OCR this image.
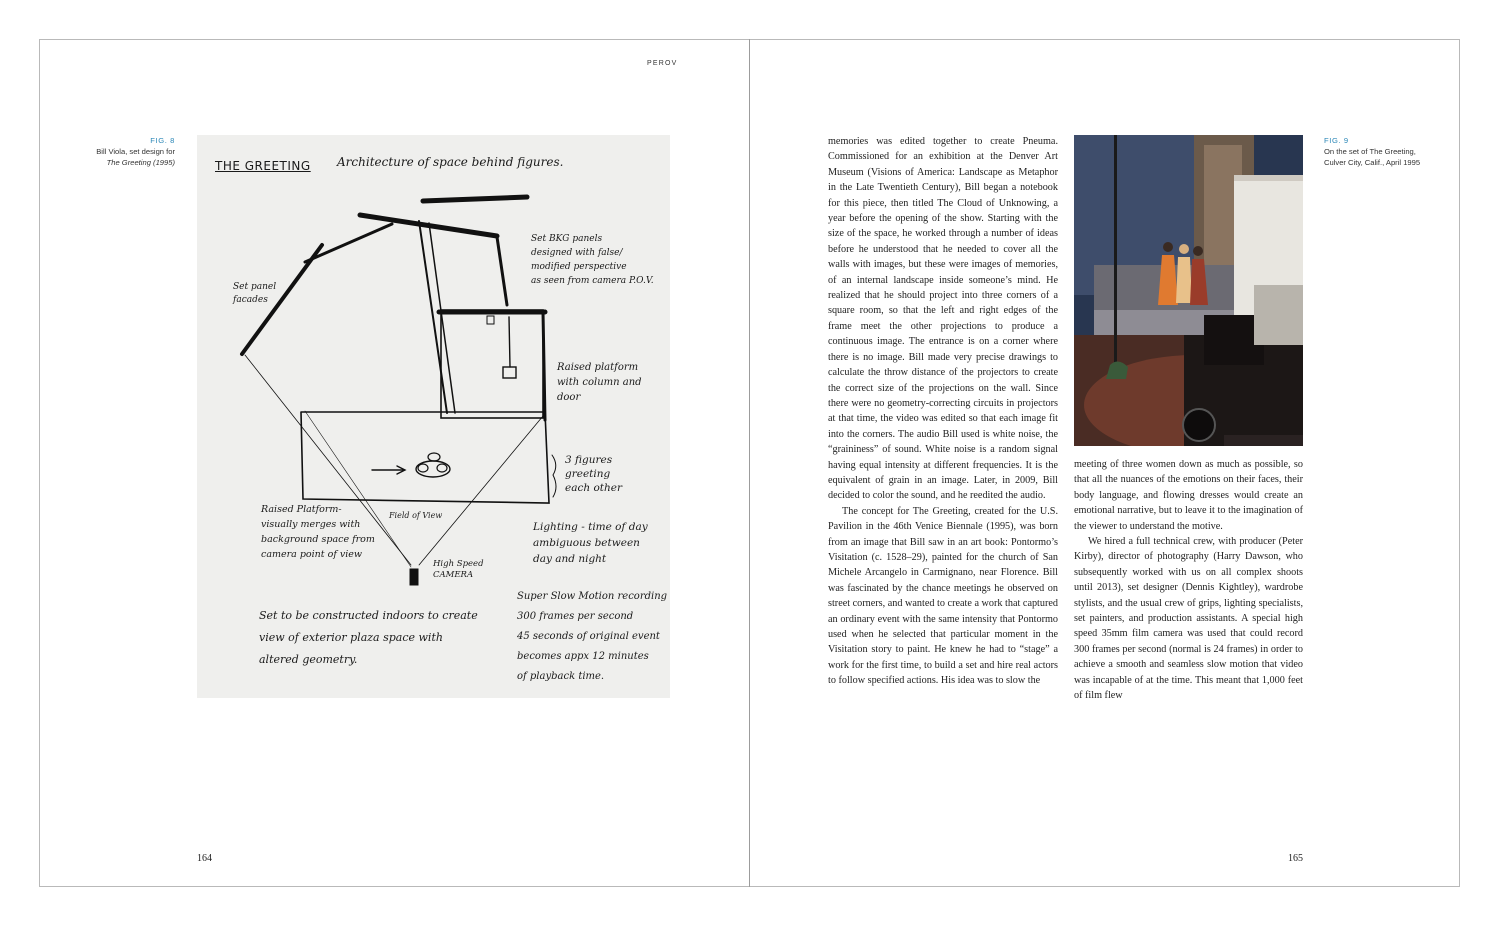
PEROV
FIG. 8
Bill Viola, set design for
The Greeting (1995)	THE GREETING Architecture of space behind figures.
Set BKG panels
designed with false/
modified perspective
as seen from camera P.O.V.
Set panel
facades
Raised platform
with column and
door
3 figures
greeting
each other
Raised Platform-
visually merges with
background space from
camera point of view
Field of View
Lighting - time of day
ambiguous between
day and night
High Speed
CAMERA
Super Slow Motion recording
300 frames per second
45 seconds of original event
becomes appx 12 minutes
of playback time.
Set to be constructed indoors to create
view of exterior plaza space with
altered geometry.
164

memories was edited together to create Pneuma. Commissioned for an exhibition at the Denver Art Museum (Visions of America: Landscape as Metaphor in the Late Twentieth Century), Bill began a notebook for this piece, then titled The Cloud of Unknowing, a year before the opening of the show. Starting with the size of the space, he worked through a number of ideas before he understood that he needed to cover all the walls with images, but these were images of memories, of an internal landscape inside someone’s mind. He realized that he should project into three corners of a square room, so that the left and right edges of the frame meet the other projections to produce a continuous image. The entrance is on a corner where there is no image. Bill made very precise drawings to calculate the throw distance of the projectors to create the correct size of the projections on the wall. Since there were no geometry-correcting circuits in projectors at that time, the video was edited so that each image fit into the corners. The audio Bill used is white noise, the “graininess” of sound. White noise is a random signal having equal intensity at different frequencies. It is the equivalent of grain in an image. Later, in 2009, Bill decided to color the sound, and he reedited the audio.

The concept for The Greeting, created for the U.S. Pavilion in the 46th Venice Biennale (1995), was born from an image that Bill saw in an art book: Pontormo’s Visitation (c. 1528–29), painted for the church of San Michele Arcangelo in Carmignano, near Florence. Bill was fascinated by the chance meetings he observed on street corners, and wanted to create a work that captured an ordinary event with the same intensity that Pontormo used when he selected that particular moment in the Visitation story to paint. He knew he had to “stage” a work for the first time, to build a set and hire real actors to follow specified actions. His idea was to slow the

FIG. 9
On the set of The Greeting,
Culver City, Calif., April 1995

meeting of three women down as much as possible, so that all the nuances of the emotions on their faces, their body language, and flowing dresses would create an emotional narrative, but to leave it to the imagination of the viewer to understand the motive.

We hired a full technical crew, with producer (Peter Kirby), director of photography (Harry Dawson, who subsequently worked with us on all complex shoots until 2013), set designer (Dennis Kightley), wardrobe stylists, and the usual crew of grips, lighting specialists, set painters, and production assistants. A special high speed 35mm film camera was used that could record 300 frames per second (normal is 24 frames) in order to achieve a smooth and seamless slow motion that video was incapable of at the time. This meant that 1,000 feet of film flew

165
